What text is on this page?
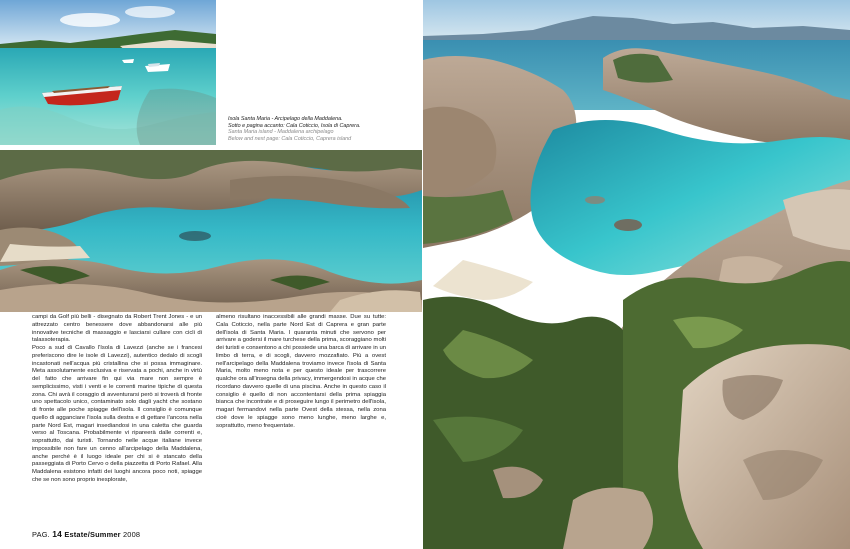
Isola Santa Maria - Arcipelago della Maddalena.
Sotto e pagina accanto: Cala Coticcio, Isola di Caprera.
Santa Maria island - Maddalena archipelago
Below and next page: Cala Coticcio, Caprera island

campi da Golf più belli - disegnato da Robert Trent Jones - e un attrezzato centro benessere dove abbandonarsi alle più innovative tecniche di massaggio e lasciarsi cullare con cicli di talassoterapia.

Poco a sud di Cavallo l'Isola di Lavezzi (anche se i francesi preferiscono dire le isole di Lavezzi), autentico dedalo di scogli incastonati nell'acqua più cristallina che si possa immaginare. Meta assolutamente esclusiva e riservata a pochi, anche in virtù del fatto che arrivare fin qui via mare non sempre è semplicissimo, visti i venti e le correnti marine tipiche di questa zona. Chi avrà il coraggio di avventurarsi però si troverà di fronte uno spettacolo unico, contaminato solo dagli yacht che sostano di fronte alle poche spiagge dell'isola. Il consiglio è comunque quello di agganciare l'isola sulla destra e di gettare l'ancora nella parte Nord Est, magari insediandosi in una caletta che guarda verso al Toscana. Probabilmente vi ripareerà dalle correnti e, soprattutto, dai turisti. Tornando nelle acque italiane invece impossibile non fare un cenno all'arcipelago della Maddalena, anche perché è il luogo ideale per chi si è stancato della passeggiata di Porto Cervo o della piazzetta di Porto Rafael. Alla Maddalena esistono infatti dei luoghi ancora poco noti, spiagge che se non sono proprio inesplorate,

almeno risultano inaccessibili alle grandi masse. Due su tutte: Cala Coticcio, nella parte Nord Est di Caprera e gran parte dell'isola di Santa Maria. I quaranta minuti che servono per arrivare a godersi il mare turchese della prima, scoraggiano molti dei turisti e consentono a chi possiede una barca di arrivare in un limbo di terra, e di scogli, davvero mozzafiato. Più a ovest nell'arcipelago della Maddalena troviamo invece l'isola di Santa Maria, molto meno nota e per questo ideale per trascorrere qualche ora all'insegna della privacy, immergendosi in acque che ricordano davvero quelle di una piscina. Anche in questo caso il consiglio è quello di non accontentarsi della prima spiaggia bianca che incontrate e di proseguire lungo il perimetro dell'isola, magari fermandovi nella parte Ovest della stessa, nella zona cioè dove le spiagge sono meno lunghe, meno larghe e, soprattutto, meno frequentate.

PAG. 14 Estate/Summer 2008
